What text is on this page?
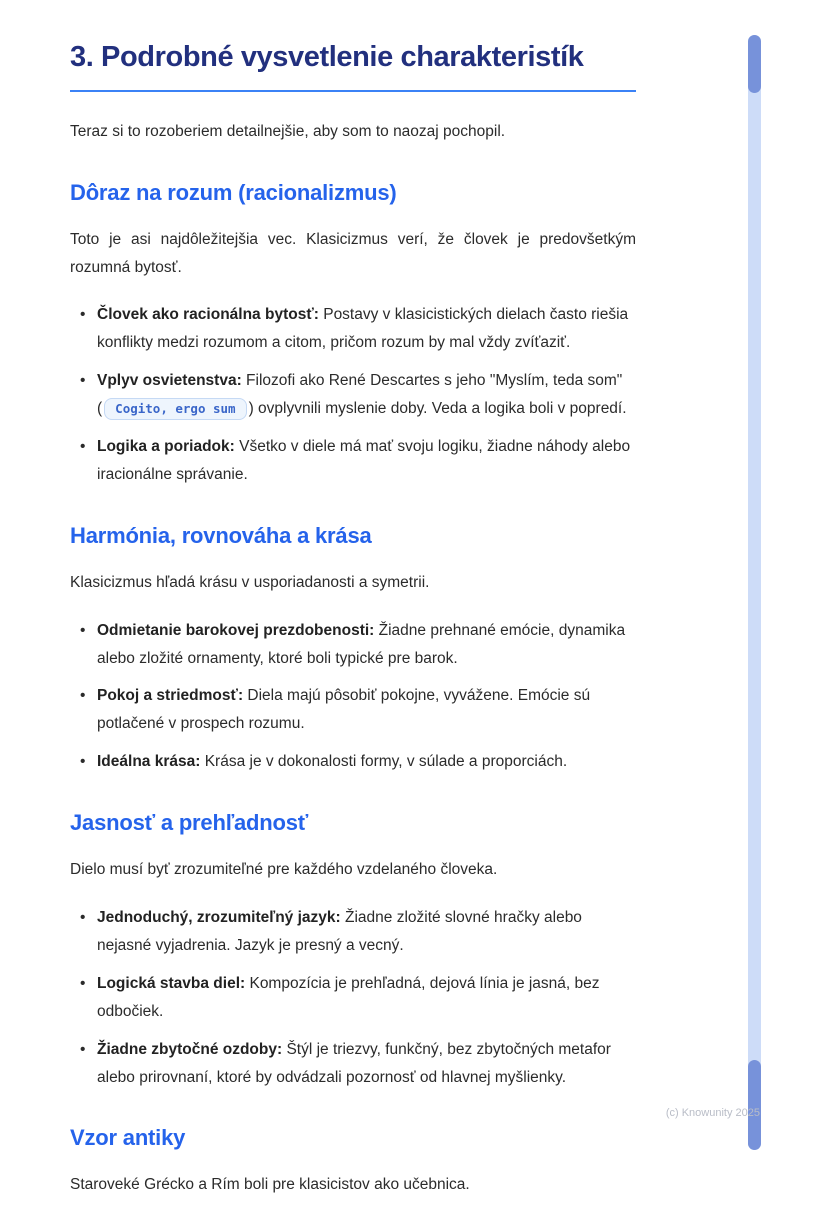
3. Podrobné vysvetlenie charakteristík

Teraz si to rozoberiem detailnejšie, aby som to naozaj pochopil.

Dôraz na rozum (racionalizmus)

Toto je asi najdôležitejšia vec. Klasicizmus verí, že človek je predovšetkým rozumná bytosť.

• Človek ako racionálna bytosť: Postavy v klasicistických dielach často riešia konflikty medzi rozumom a citom, pričom rozum by mal vždy zvíťaziť.
• Vplyv osvietenstva: Filozofi ako René Descartes s jeho "Myslím, teda som" ( Cogito, ergo sum ) ovplyvnili myslenie doby. Veda a logika boli v popredí.
• Logika a poriadok: Všetko v diele má mať svoju logiku, žiadne náhody alebo iracionálne správanie.
Harmónia, rovnováha a krása

Klasicizmus hľadá krásu v usporiadanosti a symetrii.

• Odmietanie barokovej prezdobenosti: Žiadne prehnané emócie, dynamika alebo zložité ornamenty, ktoré boli typické pre barok.
• Pokoj a striedmosť: Diela majú pôsobiť pokojne, vyvážene. Emócie sú potlačené v prospech rozumu.
• Ideálna krása: Krása je v dokonalosti formy, v súlade a proporciách.
Jasnosť a prehľadnosť

Dielo musí byť zrozumiteľné pre každého vzdelaného človeka.

• Jednoduchý, zrozumiteľný jazyk: Žiadne zložité slovné hračky alebo nejasné vyjadrenia. Jazyk je presný a vecný.
• Logická stavba diel: Kompozícia je prehľadná, dejová línia je jasná, bez odbočiek.
• Žiadne zbytočné ozdoby: Štýl je triezvy, funkčný, bez zbytočných metafor alebo prirovnaní, ktoré by odvádzali pozornosť od hlavnej myšlienky.
Vzor antiky

Staroveké Grécko a Rím boli pre klasicistov ako učebnica.

(c) Knowunity 2025
